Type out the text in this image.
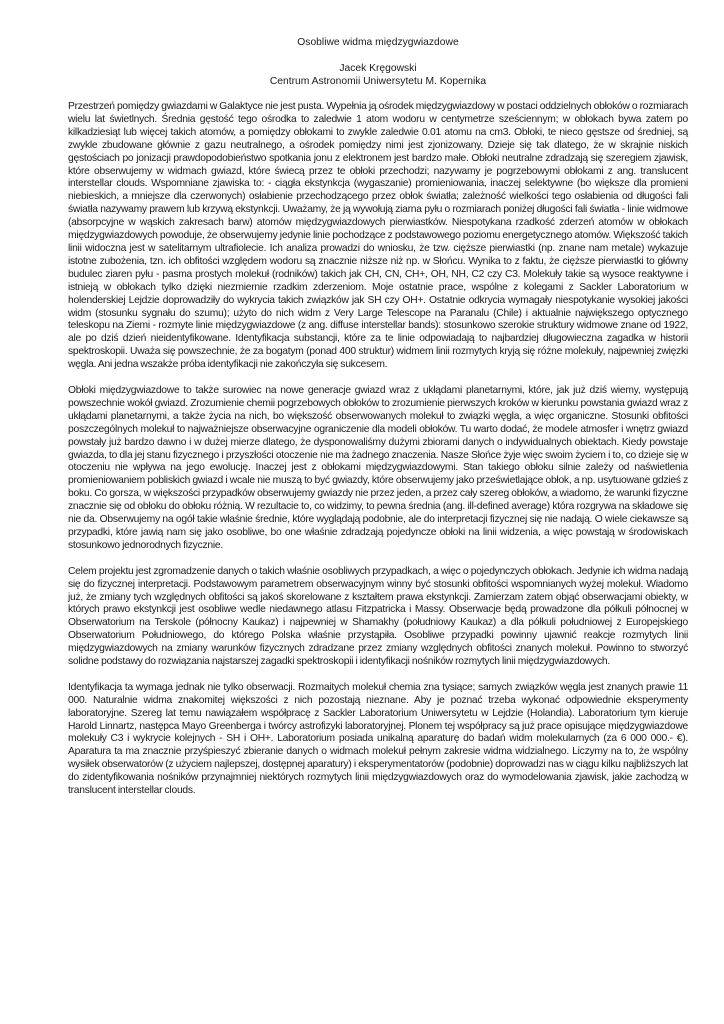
Osobliwe widma międzygwiazdowe
Jacek Kręgowski
Centrum Astronomii Uniwersytetu M. Kopernika

Przestrzeń pomiędzy gwiazdami w Galaktyce nie jest pusta. Wypełnia ją ośrodek międzygwiazdowy w postaci oddzielnych obłoków o rozmiarach wielu lat świetlnych. Średnia gęstość tego ośrodka to zaledwie 1 atom wodoru w centymetrze sześciennym; w obłokach bywa zatem po kilkadziesiąt lub więcej takich atomów, a pomiędzy obłokami to zwykle zaledwie 0.01 atomu na cm3. Obłoki, te nieco gęstsze od średniej, są zwykle zbudowane głównie z gazu neutralnego, a ośrodek pomiędzy nimi jest zjonizowany. Dzieje się tak dlatego, że w skrajnie niskich gęstościach po jonizacji prawdopodobieństwo spotkania jonu z elektronem jest bardzo małe. Obłoki neutralne zdradzają się szeregiem zjawisk, które obserwujemy w widmach gwiazd, które świecą przez te obłoki przechodzi; nazywamy je pogrzebowymi obłokami z ang. translucent interstellar clouds. Wspomniane zjawiska to: - ciągła ekstynkcja (wygaszanie) promieniowania, inaczej selektywne (bo większe dla promieni niebieskich, a mniejsze dla czerwonych) osłabienie przechodzącego przez obłok światła; zależność wielkości tego osłabienia od długości fali światła nazywamy prawem lub krzywą ekstynkcji. Uważamy, że ją wywołują ziarna pyłu o rozmiarach poniżej długości fali światła - linie widmowe (absorpcyjne w wąskich zakresach barw) atomów międzygwiazdowych pierwiastków. Niespotykana rzadkość zderzeń atomów w obłokach międzygwiazdowych powoduje, że obserwujemy jedynie linie pochodzące z podstawowego poziomu energetycznego atomów. Większość takich linii widoczna jest w satelitarnym ultrafiolecie. Ich analiza prowadzi do wniosku, że tzw. cięższe pierwiastki (np. znane nam metale) wykazuje istotne zubożenia, tzn. ich obfitości względem wodoru są znacznie niższe niż np. w Słońcu. Wynika to z faktu, że cięższe pierwiastki to główny budulec ziaren pyłu - pasma prostych molekuł (rodników) takich jak CH, CN, CH+, OH, NH, C2 czy C3. Molekuły takie są wysoce reaktywne i istnieją w obłokach tylko dzięki niezmiernie rzadkim zderzeniom. Moje ostatnie prace, wspólne z kolegami z Sackler Laboratorium w holenderskiej Lejdzie doprowadziły do wykrycia takich związków jak SH czy OH+. Ostatnie odkrycia wymagały niespotykanie wysokiej jakości widm (stosunku sygnału do szumu); użyto do nich widm z Very Large Telescope na Paranalu (Chile) i aktualnie największego optycznego teleskopu na Ziemi - rozmyte linie międzygwiazdowe (z ang. diffuse interstellar bands): stosunkowo szerokie struktury widmowe znane od 1922, ale po dziś dzień nieidentyfikowane. Identyfikacja substancji, które za te linie odpowiadają to najbardziej długowieczna zagadka w historii spektroskopii. Uważa się powszechnie, że za bogatym (ponad 400 struktur) widmem linii rozmytych kryją się różne molekuły, najpewniej zwięzki węgla. Ani jedna wszakże próba identyfikacji nie zakończyła się sukcesem.

Obłoki międzygwiazdowe to także surowiec na nowe generacje gwiazd wraz z ukłądami planetarnymi, które, jak już dziś wiemy, występują powszechnie wokół gwiazd. Zrozumienie chemii pogrzebowych obłoków to zrozumienie pierwszych kroków w kierunku powstania gwiazd wraz z ukłądami planetarnymi, a także życia na nich, bo większość obserwowanych molekuł to związki węgla, a więc organiczne. Stosunki obfitości poszczególnych molekuł to najważniejsze obserwacyjne ograniczenie dla modeli obłoków. Tu warto dodać, że modele atmosfer i wnętrz gwiazd powstały już bardzo dawno i w dużej mierze dlatego, że dysponowaliśmy dużymi zbiorami danych o indywidualnych obiektach. Kiedy powstaje gwiazda, to dla jej stanu fizycznego i przyszłości otoczenie nie ma żadnego znaczenia. Nasze Słońce żyje więc swoim życiem i to, co dzieje się w otoczeniu nie wpływa na jego ewolucję. Inaczej jest z obłokami międzygwiazdowymi. Stan takiego obłoku silnie zależy od naświetlenia promieniowaniem pobliskich gwiazd i wcale nie muszą to być gwiazdy, które obserwujemy jako prześwietlające obłok, a np. usytuowane gdzieś z boku. Co gorsza, w większości przypadków obserwujemy gwiazdy nie przez jeden, a przez cały szereg obłoków, a wiadomo, że warunki fizyczne znacznie się od obłoku do obłoku różnią. W rezultacie to, co widzimy, to pewna średnia (ang. ill-defined average) która rozgrywa na składowe się nie da. Obserwujemy na ogół takie właśnie średnie, które wyglądają podobnie, ale do interpretacji fizycznej się nie nadają. O wiele ciekawsze są przypadki, które jawią nam się jako osobliwe, bo one właśnie zdradzają pojedyncze obłoki na linii widzenia, a więc powstają w środowiskach stosunkowo jednorodnych fizycznie.

Celem projektu jest zgromadzenie danych o takich właśnie osobliwych przypadkach, a więc o pojedynczych obłokach. Jedynie ich widma nadają się do fizycznej interpretacji. Podstawowym parametrem obserwacyjnym winny być stosunki obfitości wspomnianych wyżej molekuł. Wiadomo już, że zmiany tych względnych obfitości są jakoś skorelowane z kształtem prawa ekstynkcji. Zamierzam zatem objąć obserwacjami obiekty, w których prawo ekstynkcji jest osobliwe wedle niedawnego atlasu Fitzpatricka i Massy. Obserwacje będą prowadzone dla półkuli północnej w Obserwatorium na Terskole (północny Kaukaz) i najpewniej w Shamakhy (południowy Kaukaz) a dla półkuli południowej z Europejskiego Obserwatorium Południowego, do którego Polska właśnie przystąpiła. Osobliwe przypadki powinny ujawnić reakcje rozmytych linii międzygwiazdowych na zmiany warunków fizycznych zdradzane przez zmiany względnych obfitości znanych molekuł. Powinno to stworzyć solidne podstawy do rozwiązania najstarszej zagadki spektroskopii i identyfikacji nośników rozmytych linii międzygwiazdowych.

Identyfikacja ta wymaga jednak nie tylko obserwacji. Rozmaitych molekuł chemia zna tysiące; samych związków węgla jest znanych prawie 11 000. Naturalnie widma znakomitej większości z nich pozostają nieznane. Aby je poznać trzeba wykonać odpowiednie eksperymenty laboratoryjne. Szereg lat temu nawiązałem współpracę z Sackler Laboratorium Uniwersytetu w Lejdzie (Holandia). Laboratorium tym kieruje Harold Linnartz, następca Mayo Greenberga i twórcy astrofizyki laboratoryjnej. Plonem tej współpracy są już prace opisujące międzygwiazdowe molekuły C3 i wykrycie kolejnych - SH i OH+. Laboratorium posiada unikalną aparaturę do badań widm molekularnych (za 6 000 000.- €). Aparatura ta ma znacznie przyśpieszyć zbieranie danych o widmach molekuł pełnym zakresie widma widzialnego. Liczymy na to, że wspólny wysiłek obserwatorów (z użyciem najlepszej, dostępnej aparatury) i eksperymentatorów (podobnie) doprowadzi nas w ciągu kilku najbliższych lat do zidentyfikowania nośników przynajmniej niektórych rozmytych linii międzygwiazdowych oraz do wymodelowania zjawisk, jakie zachodzą w translucent interstellar clouds.
